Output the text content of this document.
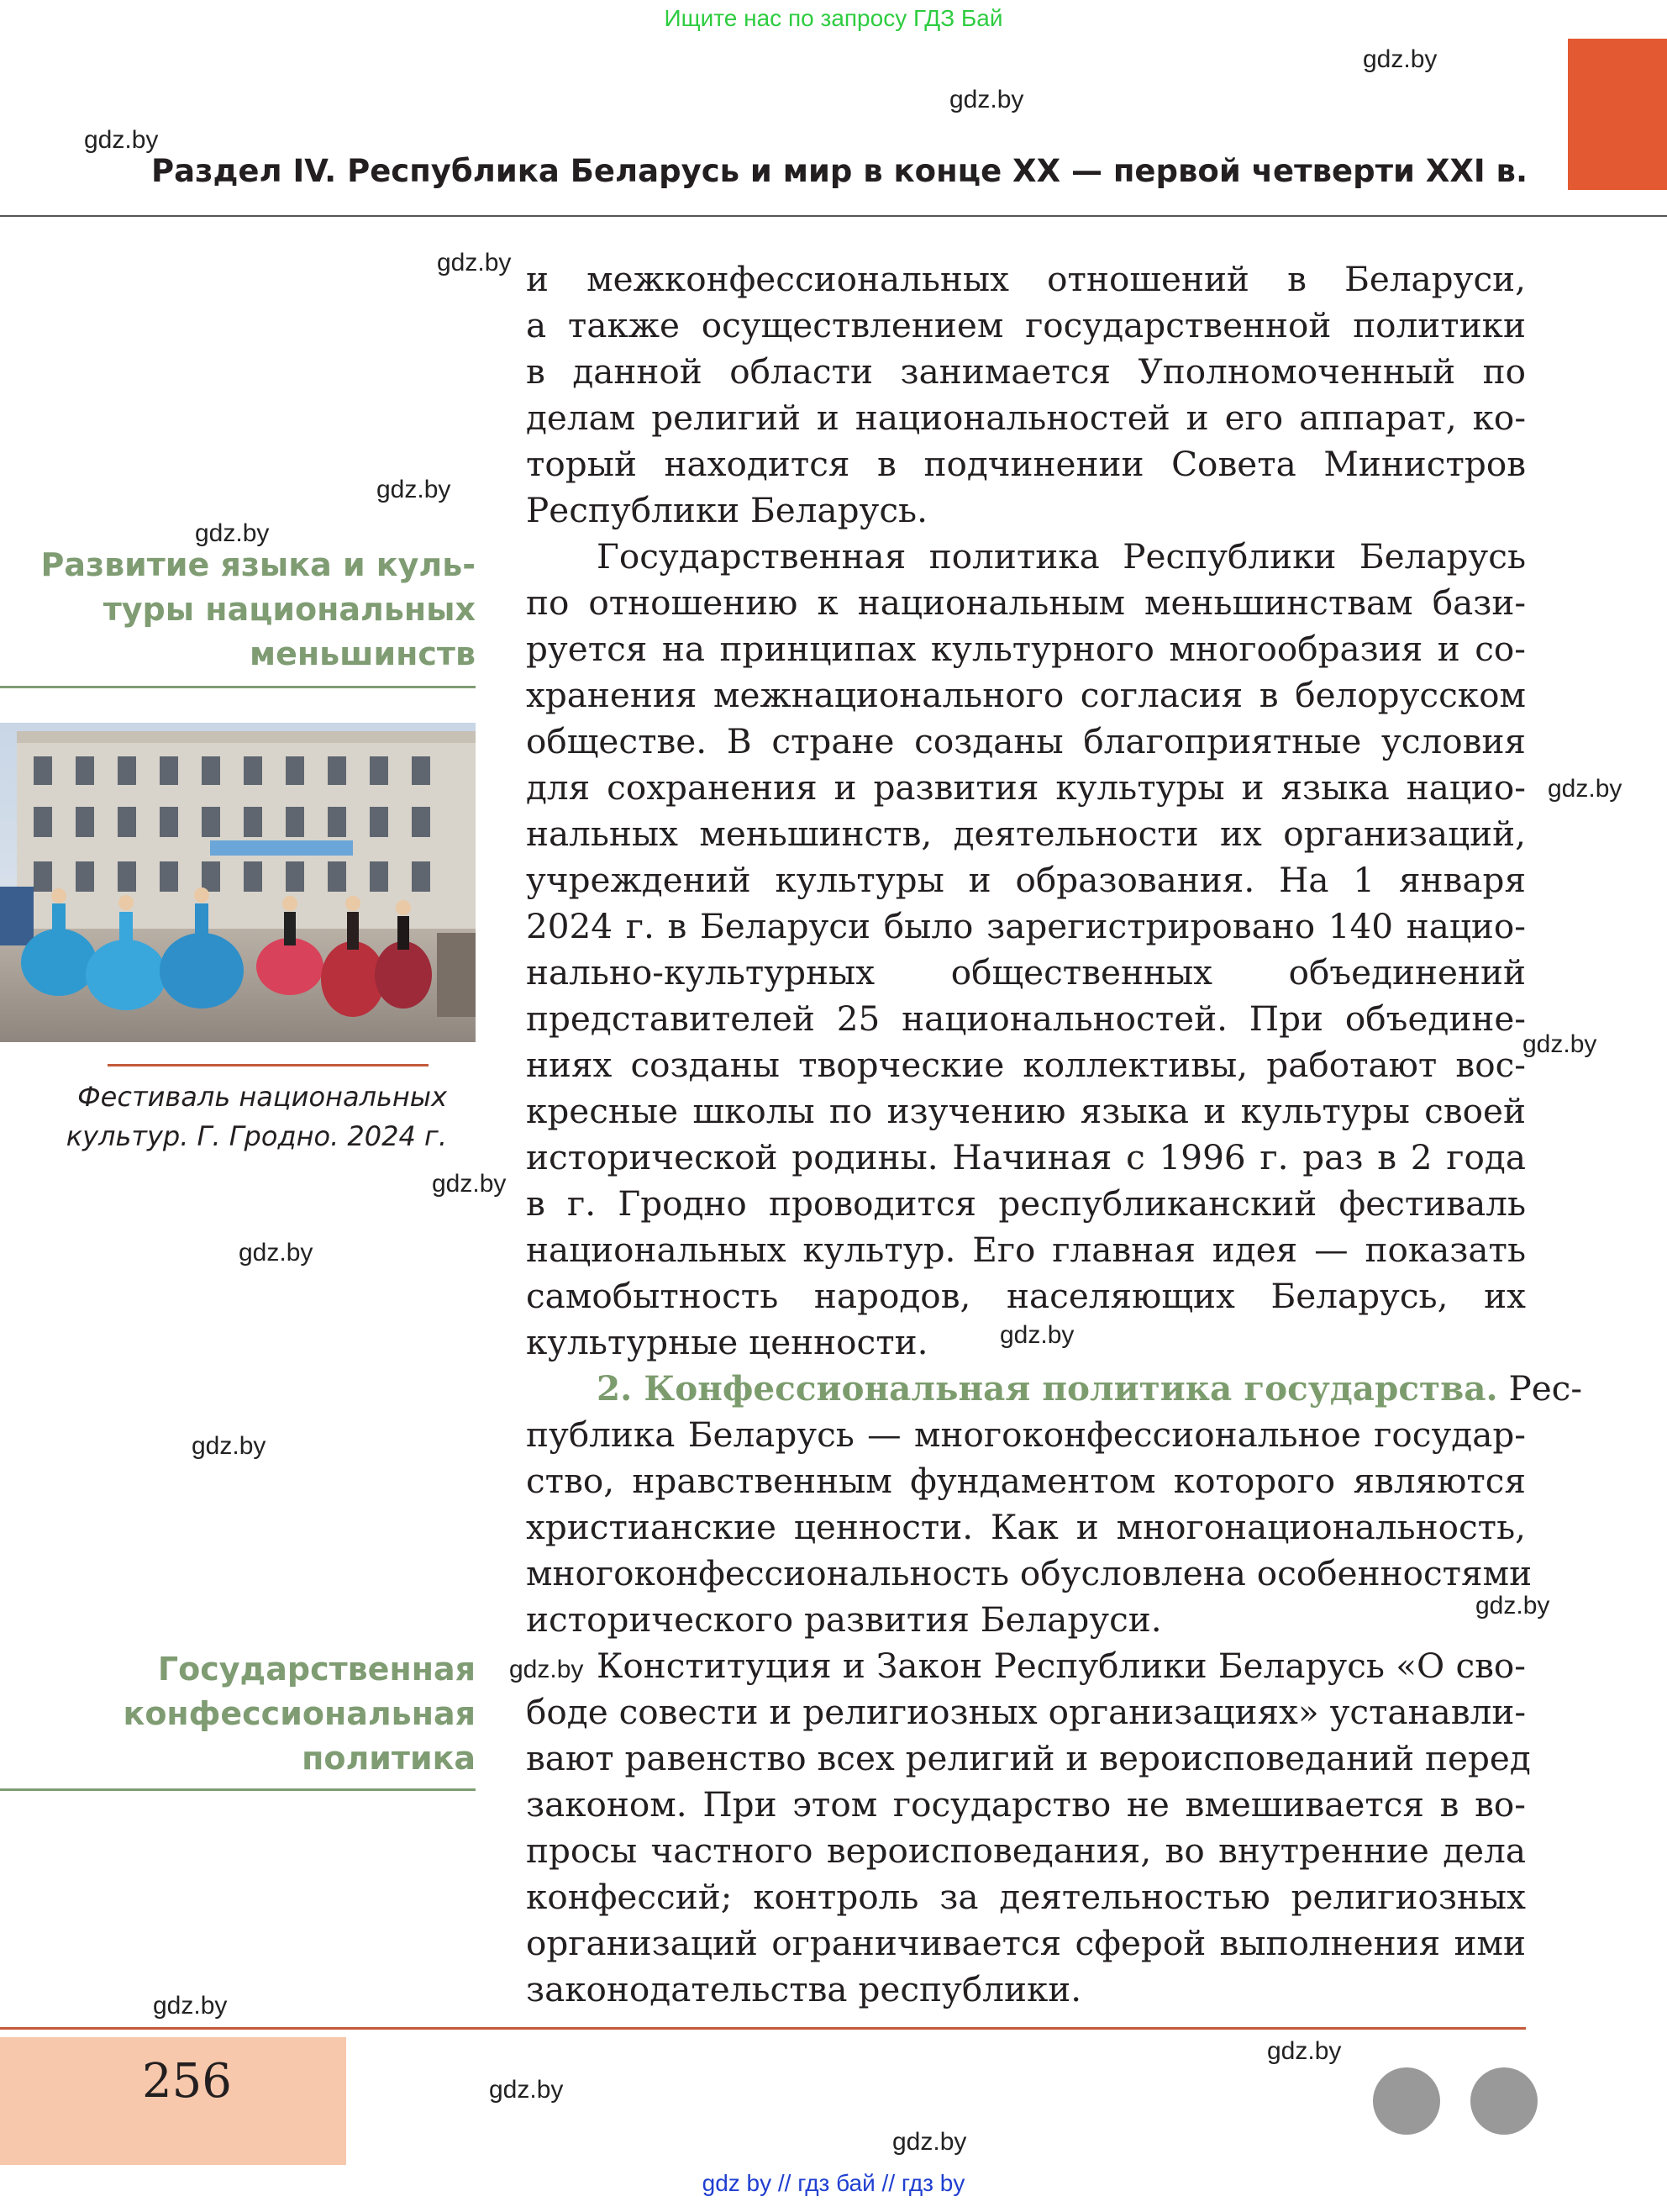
Ищите нас по запросу ГДЗ Бай
gdz.by
gdz.by
gdz.by
gdz.by
gdz.by
gdz.by
gdz.by
gdz.by
gdz.by
gdz.by
gdz.by
gdz.by
gdz.by
gdz.by
gdz.by
gdz.by
gdz.by
gdz.by
Раздел IV. Республика Беларусь и мир в конце XX — первой четверти XXI в.
Развитие языка и куль-
туры национальных
меньшинств
Фестиваль национальных
культур. Г. Гродно. 2024 г.
Государственная
конфессиональная
политика
и межконфессиональных отношений в Беларуси,
а также осуществлением государственной политики
в данной области занимается Уполномоченный по
делам религий и национальностей и его аппарат, ко-
торый находится в подчинении Совета Министров
Республики Беларусь.
Государственная политика Республики Беларусь
по отношению к национальным меньшинствам бази-
руется на принципах культурного многообразия и со-
хранения межнационального согласия в белорусском
обществе. В стране созданы благоприятные условия
для сохранения и развития культуры и языка нацио-
нальных меньшинств, деятельности их организаций,
учреждений культуры и образования. На 1 января
2024 г. в Беларуси было зарегистрировано 140 нацио-
нально-культурных общественных объединений
представителей 25 национальностей. При объедине-
ниях созданы творческие коллективы, работают вос-
кресные школы по изучению языка и культуры своей
исторической родины. Начиная с 1996 г. раз в 2 года
в г. Гродно проводится республиканский фестиваль
национальных культур. Его главная идея — показать
самобытность народов, населяющих Беларусь, их
культурные ценности.
2. Конфессиональная политика государства. Рес-
публика Беларусь — многоконфессиональное государ-
ство, нравственным фундаментом которого являются
христианские ценности. Как и многонациональность,
многоконфессиональность обусловлена особенностями
исторического развития Беларуси.
Конституция и Закон Республики Беларусь «О сво-
боде совести и религиозных организациях» устанавли-
вают равенство всех религий и вероисповеданий перед
законом. При этом государство не вмешивается в во-
просы частного вероисповедания, во внутренние дела
конфессий; контроль за деятельностью религиозных
организаций ограничивается сферой выполнения ими
законодательства республики.
256
gdz by // гдз бай // гдз by
